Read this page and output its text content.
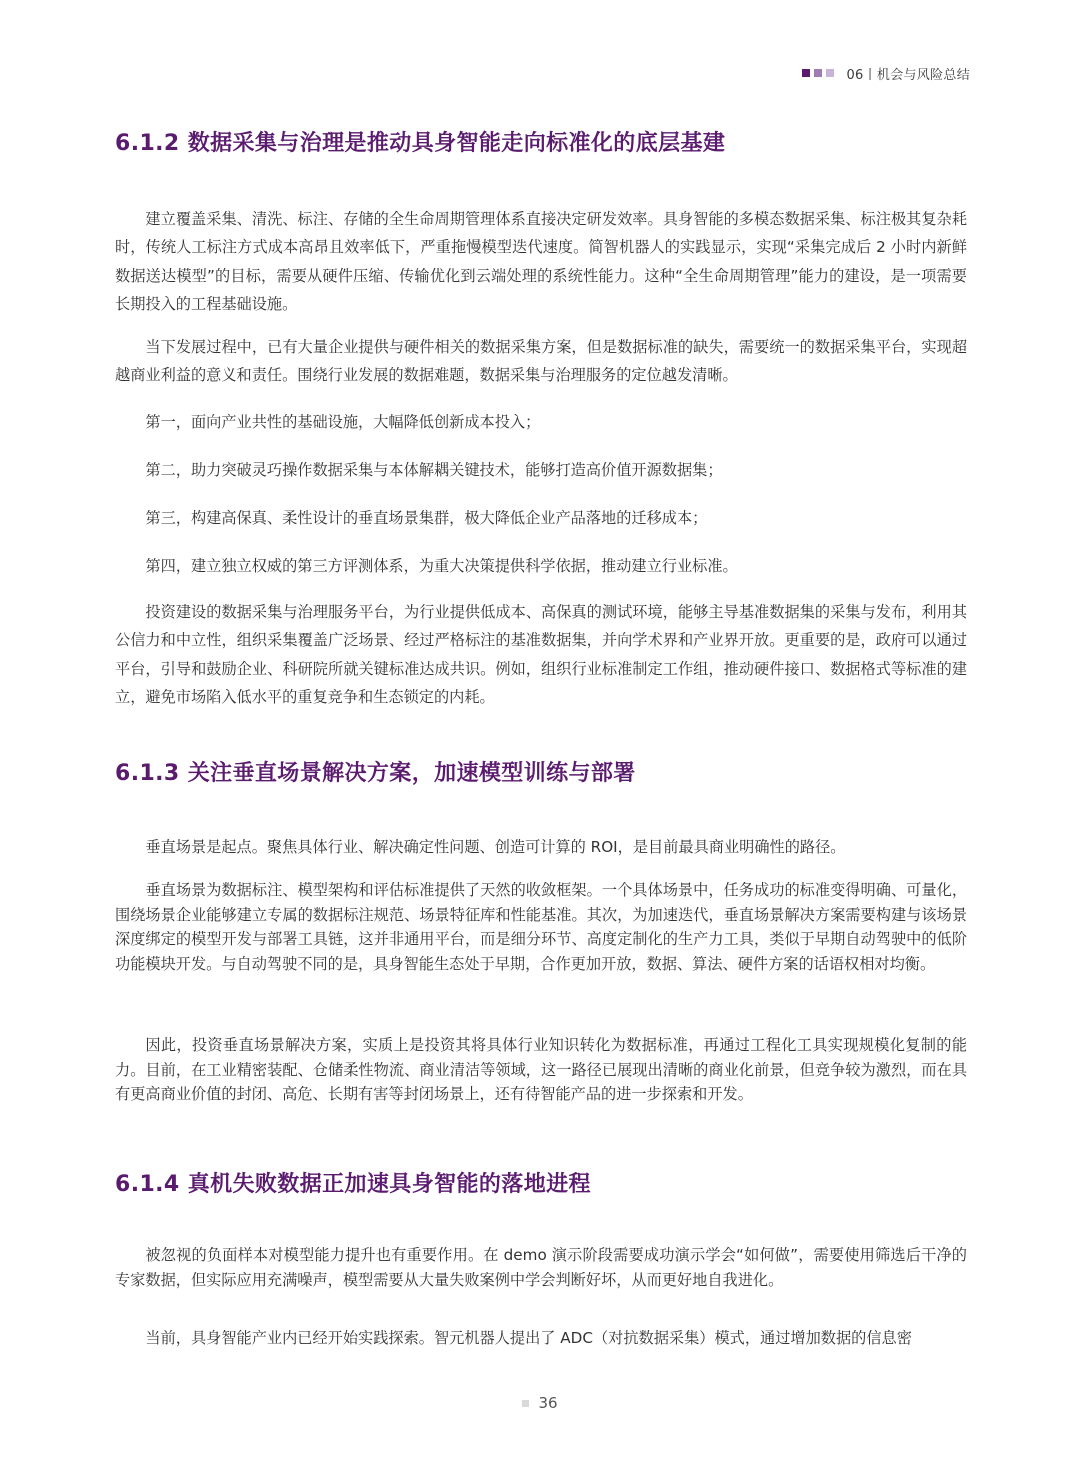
06丨机会与风险总结
6.1.2 数据采集与治理是推动具身智能走向标准化的底层基建

建立覆盖采集、清洗、标注、存储的全生命周期管理体系直接决定研发效率。具身智能的多模态数据采集、标注极其复杂耗时，传统人工标注方式成本高昂且效率低下，严重拖慢模型迭代速度。简智机器人的实践显示，实现“采集完成后 2 小时内新鲜数据送达模型”的目标，需要从硬件压缩、传输优化到云端处理的系统性能力。这种“全生命周期管理”能力的建设，是一项需要长期投入的工程基础设施。

当下发展过程中，已有大量企业提供与硬件相关的数据采集方案，但是数据标准的缺失，需要统一的数据采集平台，实现超越商业利益的意义和责任。围绕行业发展的数据难题，数据采集与治理服务的定位越发清晰。

第一，面向产业共性的基础设施，大幅降低创新成本投入；

第二，助力突破灵巧操作数据采集与本体解耦关键技术，能够打造高价值开源数据集；

第三，构建高保真、柔性设计的垂直场景集群，极大降低企业产品落地的迁移成本；

第四，建立独立权威的第三方评测体系，为重大决策提供科学依据，推动建立行业标准。

投资建设的数据采集与治理服务平台，为行业提供低成本、高保真的测试环境，能够主导基准数据集的采集与发布，利用其公信力和中立性，组织采集覆盖广泛场景、经过严格标注的基准数据集，并向学术界和产业界开放。更重要的是，政府可以通过平台，引导和鼓励企业、科研院所就关键标准达成共识。例如，组织行业标准制定工作组，推动硬件接口、数据格式等标准的建立，避免市场陷入低水平的重复竞争和生态锁定的内耗。

6.1.3 关注垂直场景解决方案，加速模型训练与部署

垂直场景是起点。聚焦具体行业、解决确定性问题、创造可计算的 ROI，是目前最具商业明确性的路径。

垂直场景为数据标注、模型架构和评估标准提供了天然的收敛框架。一个具体场景中，任务成功的标准变得明确、可量化，围绕场景企业能够建立专属的数据标注规范、场景特征库和性能基准。其次，为加速迭代，垂直场景解决方案需要构建与该场景深度绑定的模型开发与部署工具链，这并非通用平台，而是细分环节、高度定制化的生产力工具，类似于早期自动驾驶中的低阶功能模块开发。与自动驾驶不同的是，具身智能生态处于早期，合作更加开放，数据、算法、硬件方案的话语权相对均衡。

因此，投资垂直场景解决方案，实质上是投资其将具体行业知识转化为数据标准，再通过工程化工具实现规模化复制的能力。目前，在工业精密装配、仓储柔性物流、商业清洁等领域，这一路径已展现出清晰的商业化前景，但竞争较为激烈，而在具有更高商业价值的封闭、高危、长期有害等封闭场景上，还有待智能产品的进一步探索和开发。

6.1.4 真机失败数据正加速具身智能的落地进程

被忽视的负面样本对模型能力提升也有重要作用。在 demo 演示阶段需要成功演示学会“如何做”，需要使用筛选后干净的专家数据，但实际应用充满噪声，模型需要从大量失败案例中学会判断好坏，从而更好地自我进化。

当前，具身智能产业内已经开始实践探索。智元机器人提出了 ADC（对抗数据采集）模式，通过增加数据的信息密

36
